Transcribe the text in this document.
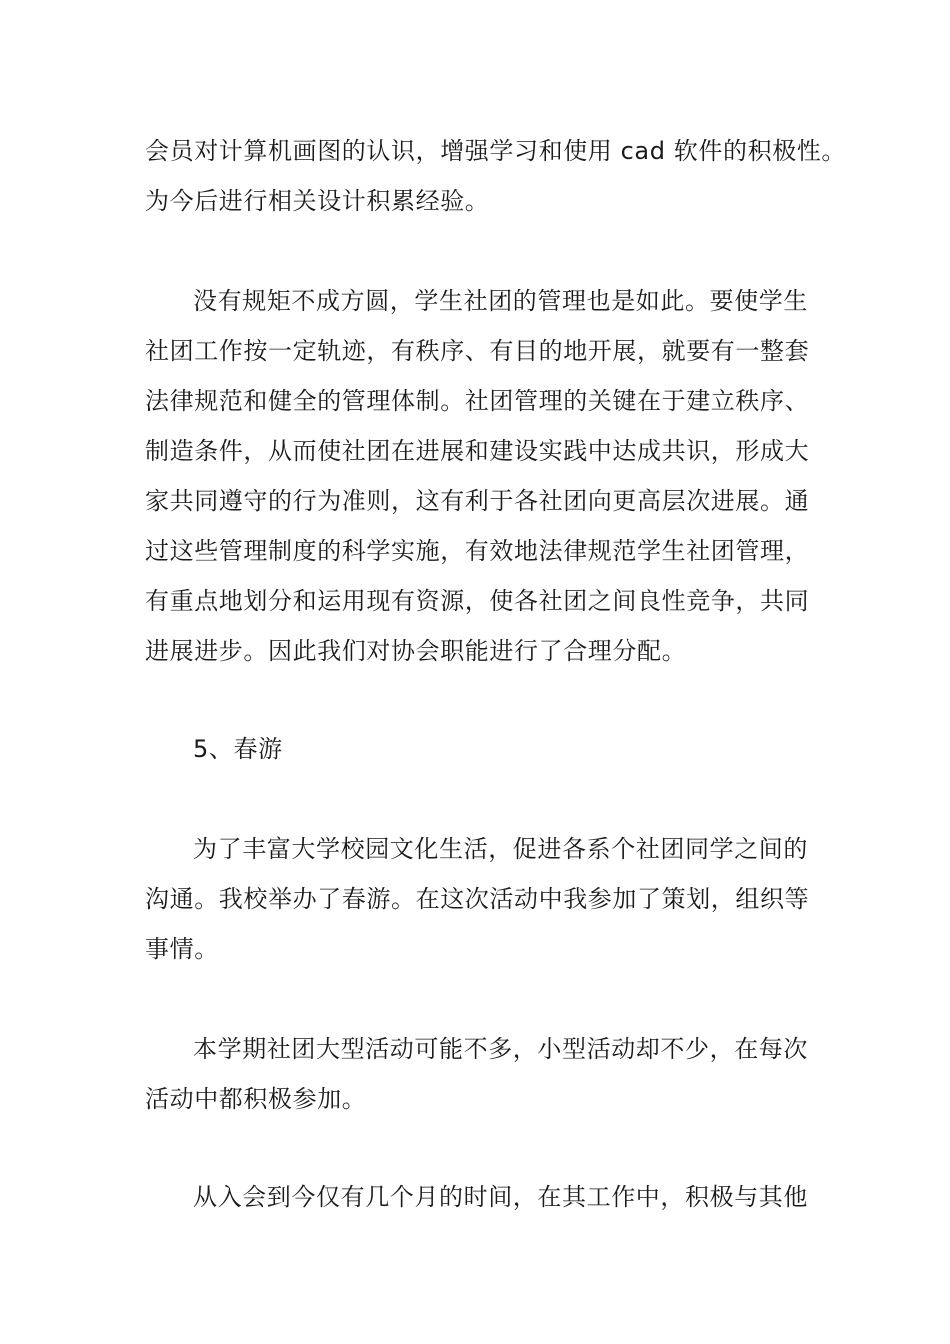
会员对计算机画图的认识，增强学习和使用 cad 软件的积极性。
为今后进行相关设计积累经验。
没有规矩不成方圆，学生社团的管理也是如此。要使学生
社团工作按一定轨迹，有秩序、有目的地开展，就要有一整套
法律规范和健全的管理体制。社团管理的关键在于建立秩序、
制造条件，从而使社团在进展和建设实践中达成共识，形成大
家共同遵守的行为准则，这有利于各社团向更高层次进展。通
过这些管理制度的科学实施，有效地法律规范学生社团管理，
有重点地划分和运用现有资源，使各社团之间良性竞争，共同
进展进步。因此我们对协会职能进行了合理分配。
5、春游
为了丰富大学校园文化生活，促进各系个社团同学之间的
沟通。我校举办了春游。在这次活动中我参加了策划，组织等
事情。
本学期社团大型活动可能不多，小型活动却不少，在每次
活动中都积极参加。
从入会到今仅有几个月的时间，在其工作中，积极与其他
